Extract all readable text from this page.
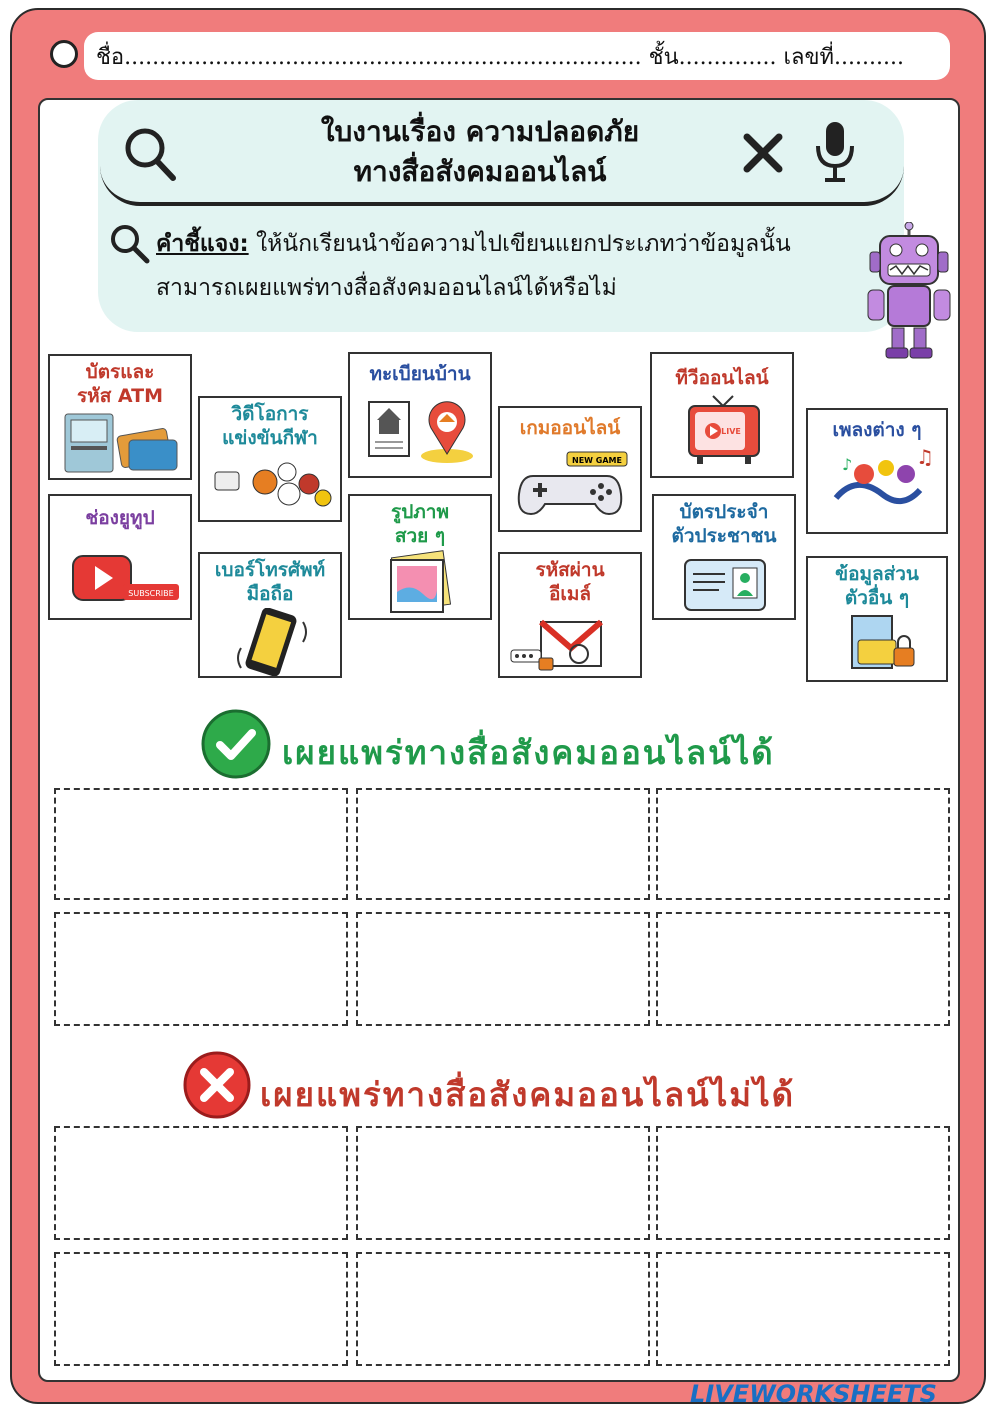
ชื่อ.......................................................................... ชั้น.............. เลขที่..........
ใบงานเรื่อง ความปลอดภัย
ทางสื่อสังคมออนไลน์
คำชี้แจง: ให้นักเรียนนำข้อความไปเขียนแยกประเภทว่าข้อมูลนั้น
สามารถเผยแพร่ทางสื่อสังคมออนไลน์ได้หรือไม่
บัตรและ
รหัส ATM
ช่องยูทูป
SUBSCRIBE
วิดีโอการ
แข่งขันกีฬา
เบอร์โทรศัพท์
มือถือ
ทะเบียนบ้าน
รูปภาพ
สวย ๆ
เกมออนไลน์
NEW GAME
รหัสผ่าน
อีเมล์
ทีวีออนไลน์
LIVE
บัตรประจำ
ตัวประชาชน
เพลงต่าง ๆ
♫
♪
ข้อมูลส่วน
ตัวอื่น ๆ
เผยแพร่ทางสื่อสังคมออนไลน์ได้
เผยแพร่ทางสื่อสังคมออนไลน์ไม่ได้
LIVEWORKSHEETS
